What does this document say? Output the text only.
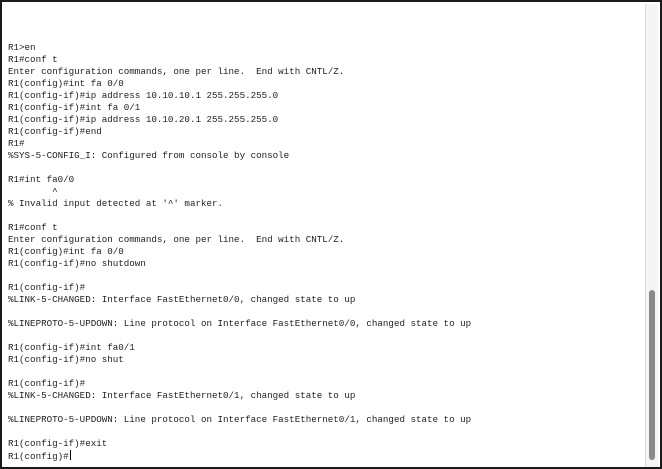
R1>en
R1#conf t
Enter configuration commands, one per line.  End with CNTL/Z.
R1(config)#int fa 0/0
R1(config-if)#ip address 10.10.10.1 255.255.255.0
R1(config-if)#int fa 0/1
R1(config-if)#ip address 10.10.20.1 255.255.255.0
R1(config-if)#end
R1#
%SYS-5-CONFIG_I: Configured from console by console
R1#int fa0/0
^
% Invalid input detected at '^' marker.
R1#conf t
Enter configuration commands, one per line.  End with CNTL/Z.
R1(config)#int fa 0/0
R1(config-if)#no shutdown
R1(config-if)#
%LINK-5-CHANGED: Interface FastEthernet0/0, changed state to up
%LINEPROTO-5-UPDOWN: Line protocol on Interface FastEthernet0/0, changed state to up
R1(config-if)#int fa0/1
R1(config-if)#no shut
R1(config-if)#
%LINK-5-CHANGED: Interface FastEthernet0/1, changed state to up
%LINEPROTO-5-UPDOWN: Line protocol on Interface FastEthernet0/1, changed state to up
R1(config-if)#exit
R1(config)#
